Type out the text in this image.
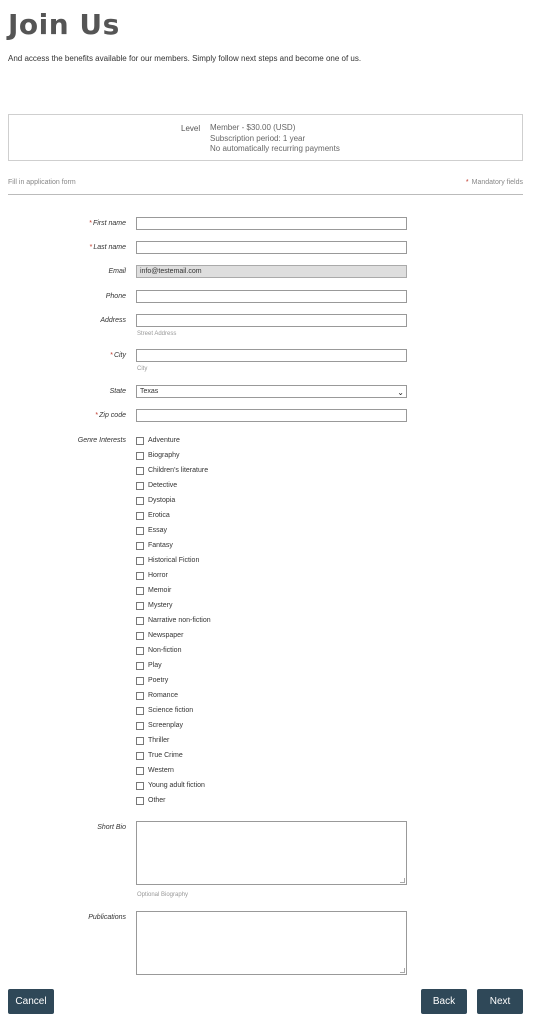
Join Us
And access the benefits available for our members. Simply follow next steps and become one of us.
Level Member - $30.00 (USD)
Subscription period: 1 year
No automatically recurring payments
Fill in application form	* Mandatory fields
*First name
*Last name
Email	info@testemail.com
Phone
Address
Street Address
*City
City
State	Texas	⌄
*Zip code
Genre Interests	Adventure
Biography
Children's literature
Detective
Dystopia
Erotica
Essay
Fantasy
Historical Fiction
Horror
Memoir
Mystery
Narrative non-fiction
Newspaper
Non-fiction
Play
Poetry
Romance
Science fiction
Screenplay
Thriller
True Crime
Western
Young adult fiction
Other
Short Bio
Optional Biography
Publications
Cancel	Back	Next
